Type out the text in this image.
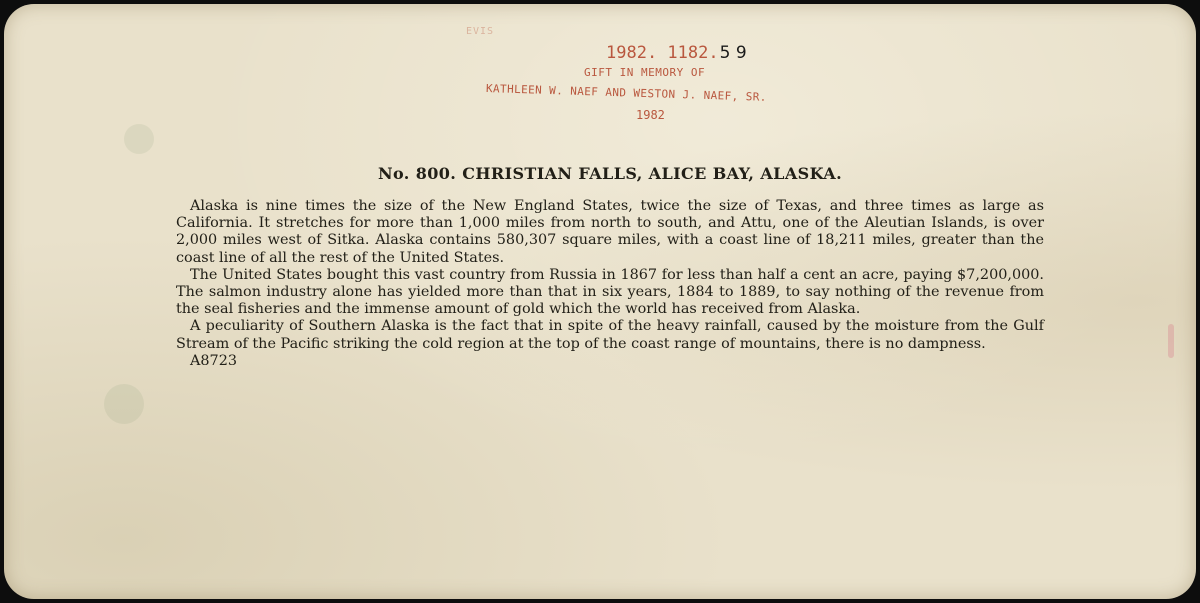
EVIS
1982. 1182.5 9
GIFT IN MEMORY OF
KATHLEEN W. NAEF AND WESTON J. NAEF, SR.
1982
No. 800. CHRISTIAN FALLS, ALICE BAY, ALASKA.

Alaska is nine times the size of the New England States, twice the size of Texas, and three times as large as California. It stretches for more than 1,000 miles from north to south, and Attu, one of the Aleutian Islands, is over 2,000 miles west of Sitka. Alaska contains 580,307 square miles, with a coast line of 18,211 miles, greater than the coast line of all the rest of the United States.

The United States bought this vast country from Russia in 1867 for less than half a cent an acre, paying $7,200,000. The salmon industry alone has yielded more than that in six years, 1884 to 1889, to say nothing of the revenue from the seal fisheries and the immense amount of gold which the world has received from Alaska.

A peculiarity of Southern Alaska is the fact that in spite of the heavy rainfall, caused by the moisture from the Gulf Stream of the Pacific striking the cold region at the top of the coast range of mountains, there is no dampness.

A8723
